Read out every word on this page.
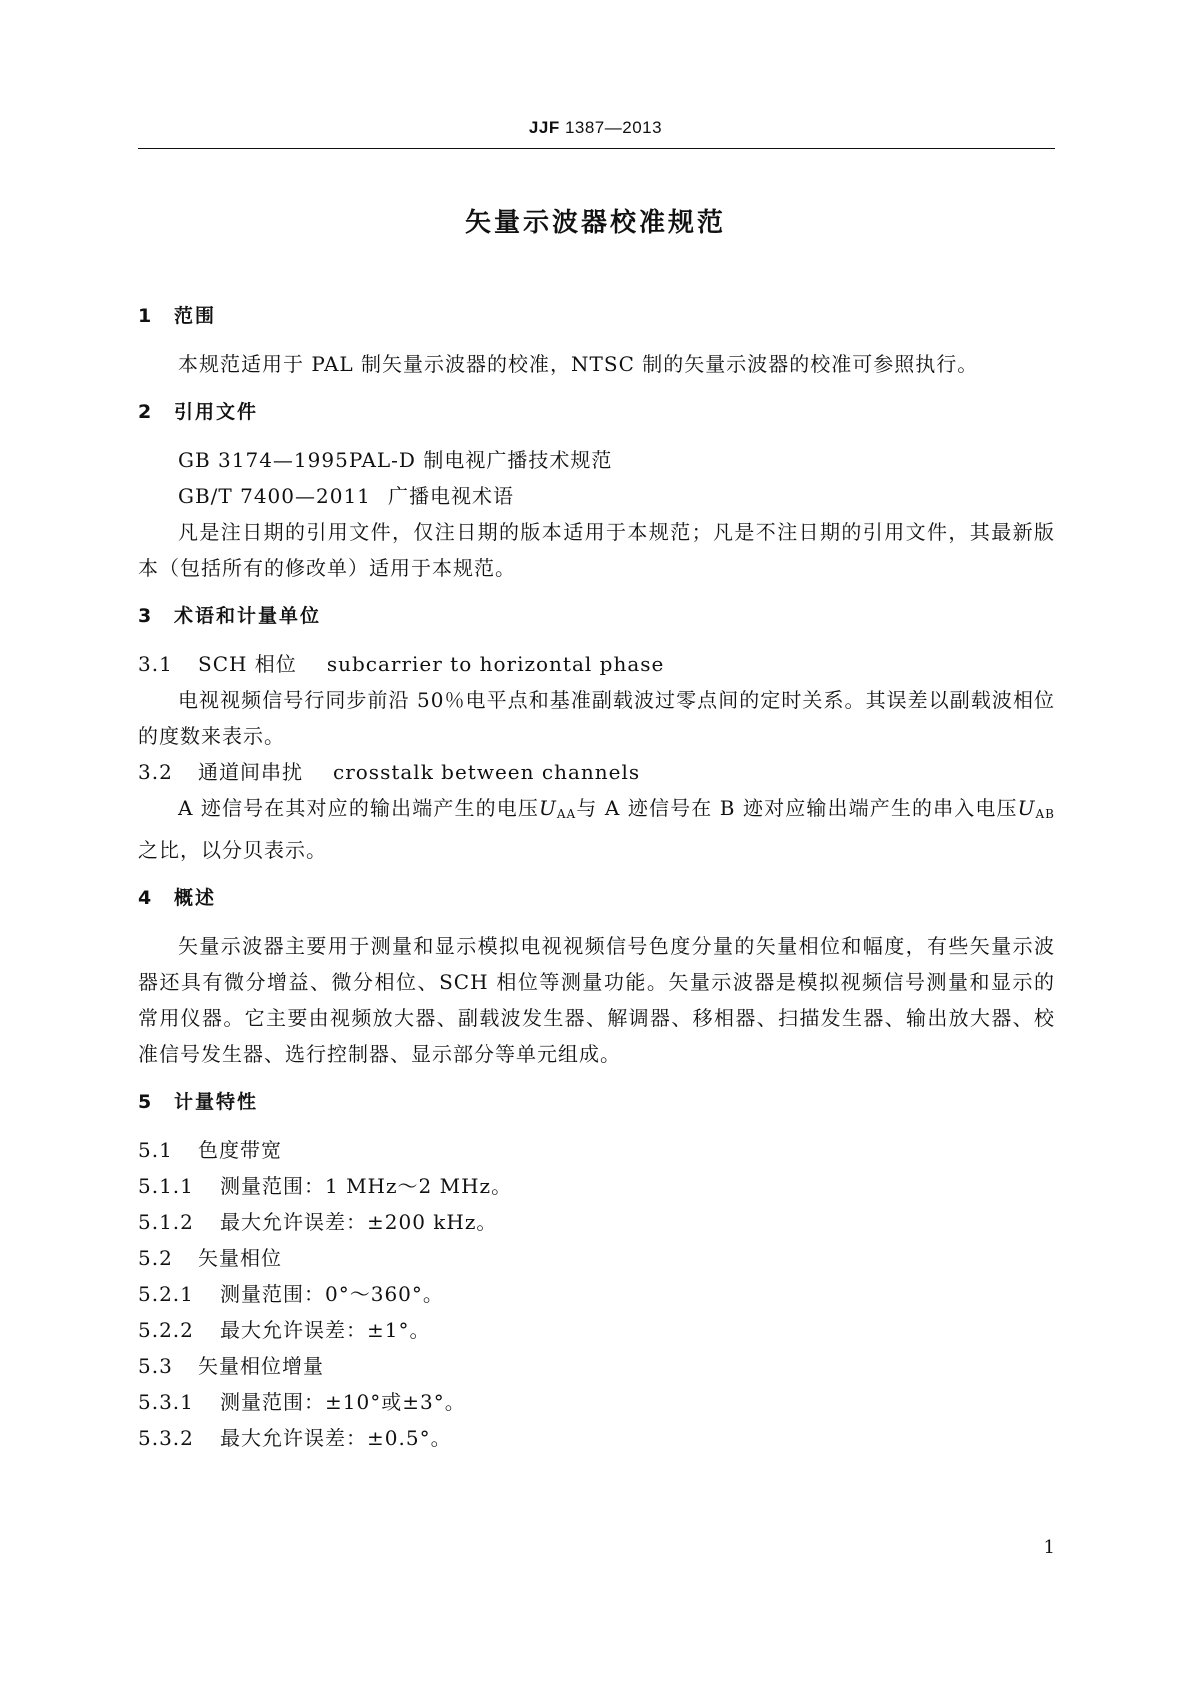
JJF 1387—2013
矢量示波器校准规范
1 范围

本规范适用于 PAL 制矢量示波器的校准，NTSC 制的矢量示波器的校准可参照执行。

2 引用文件

GB 3174—1995PAL-D 制电视广播技术规范

GB/T 7400—2011 广播电视术语

凡是注日期的引用文件，仅注日期的版本适用于本规范；凡是不注日期的引用文件，其最新版本（包括所有的修改单）适用于本规范。

3 术语和计量单位

3.1 SCH 相位 subcarrier to horizontal phase

电视视频信号行同步前沿 50％电平点和基准副载波过零点间的定时关系。其误差以副载波相位的度数来表示。

3.2 通道间串扰 crosstalk between channels

A 迹信号在其对应的输出端产生的电压UAA与 A 迹信号在 B 迹对应输出端产生的串入电压UAB之比，以分贝表示。

4 概述

矢量示波器主要用于测量和显示模拟电视视频信号色度分量的矢量相位和幅度，有些矢量示波器还具有微分增益、微分相位、SCH 相位等测量功能。矢量示波器是模拟视频信号测量和显示的常用仪器。它主要由视频放大器、副载波发生器、解调器、移相器、扫描发生器、输出放大器、校准信号发生器、选行控制器、显示部分等单元组成。

5 计量特性

5.1 色度带宽

5.1.1 测量范围：1 MHz～2 MHz。

5.1.2 最大允许误差：±200 kHz。

5.2 矢量相位

5.2.1 测量范围：0°～360°。

5.2.2 最大允许误差：±1°。

5.3 矢量相位增量

5.3.1 测量范围：±10°或±3°。

5.3.2 最大允许误差：±0.5°。

1
